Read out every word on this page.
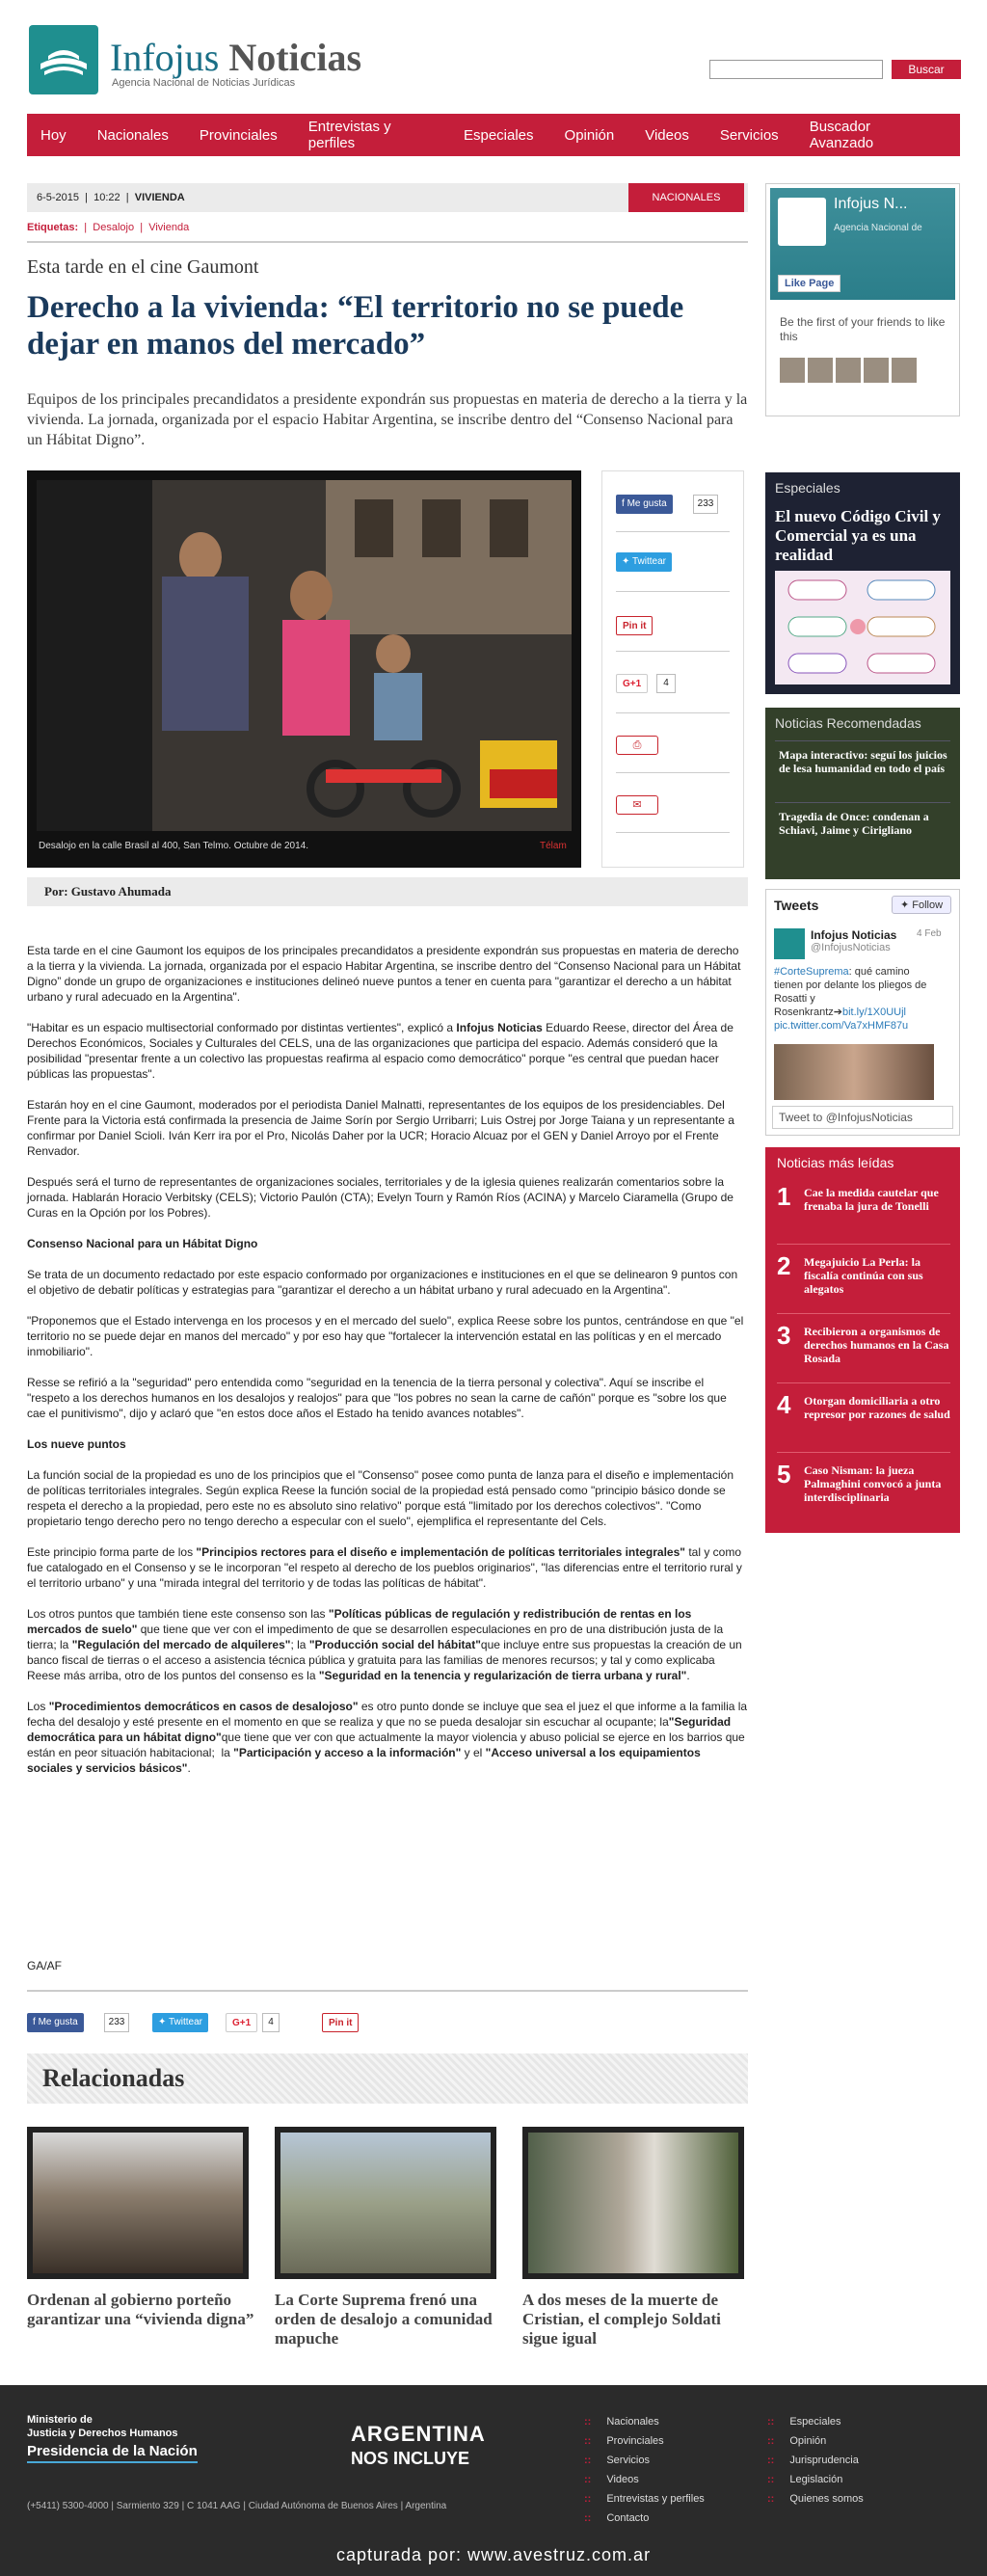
Infojus Noticias
Agencia Nacional de Noticias Jurídicas
Buscar
Hoy Nacionales Provinciales Entrevistas y perfiles	Especiales Opinión Videos Servicios Buscador Avanzado
6-5-2015  |  10:22  |  VIVIENDA	NACIONALES
Etiquetas:  |  Desalojo  |  Vivienda
Esta tarde en el cine Gaumont
Derecho a la vivienda: “El territorio no se puede dejar en manos del mercado”
Equipos de los principales precandidatos a presidente expondrán sus propuestas en materia de derecho a la tierra y la vivienda. La jornada, organizada por el espacio Habitar Argentina, se inscribe dentro del “Consenso Nacional para un Hábitat Digno”.
Desalojo en la calle Brasil al 400, San Telmo. Octubre de 2014.	Télam
f Me gusta	233
✦ Twittear
Pin it
G+1	4
⎙
✉
Por: Gustavo Ahumada

Esta tarde en el cine Gaumont los equipos de los principales precandidatos a presidente expondrán sus propuestas en materia de derecho a la tierra y la vivienda. La jornada, organizada por el espacio Habitar Argentina, se inscribe dentro del “Consenso Nacional para un Hábitat Digno” donde un grupo de organizaciones e instituciones delineó nueve puntos a tener en cuenta para "garantizar el derecho a un hábitat urbano y rural adecuado en la Argentina".

"Habitar es un espacio multisectorial conformado por distintas vertientes", explicó a Infojus Noticias Eduardo Reese, director del Área de Derechos Económicos, Sociales y Culturales del CELS, una de las organizaciones que participa del espacio. Además consideró que la posibilidad "presentar frente a un colectivo las propuestas reafirma al espacio como democrático" porque "es central que puedan hacer públicas las propuestas".

Estarán hoy en el cine Gaumont, moderados por el periodista Daniel Malnatti, representantes de los equipos de los presidenciables. Del Frente para la Victoria está confirmada la presencia de Jaime Sorín por Sergio Urribarri; Luis Ostrej por Jorge Taiana y un representante a confirmar por Daniel Scioli. Iván Kerr ira por el Pro, Nicolás Daher por la UCR; Horacio Alcuaz por el GEN y Daniel Arroyo por el Frente Renvador.

Después será el turno de representantes de organizaciones sociales, territoriales y de la iglesia quienes realizarán comentarios sobre la jornada. Hablarán Horacio Verbitsky (CELS); Victorio Paulón (CTA); Evelyn Tourn y Ramón Ríos (ACINA) y Marcelo Ciaramella (Grupo de Curas en la Opción por los Pobres).

Consenso Nacional para un Hábitat Digno

Se trata de un documento redactado por este espacio conformado por organizaciones e instituciones en el que se delinearon 9 puntos con el objetivo de debatir políticas y estrategias para "garantizar el derecho a un hábitat urbano y rural adecuado en la Argentina".

"Proponemos que el Estado intervenga en los procesos y en el mercado del suelo", explica Reese sobre los puntos, centrándose en que "el territorio no se puede dejar en manos del mercado" y por eso hay que "fortalecer la intervención estatal en las políticas y en el mercado inmobiliario".

Resse se refirió a la "seguridad" pero entendida como "seguridad en la tenencia de la tierra personal y colectiva". Aquí se inscribe el "respeto a los derechos humanos en los desalojos y realojos" para que "los pobres no sean la carne de cañón" porque es "sobre los que cae el punitivismo", dijo y aclaró que "en estos doce años el Estado ha tenido avances notables".

Los nueve puntos

La función social de la propiedad es uno de los principios que el "Consenso" posee como punta de lanza para el diseño e implementación de políticas territoriales integrales. Según explica Reese la función social de la propiedad está pensado como "principio básico donde se respeta el derecho a la propiedad, pero este no es absoluto sino relativo" porque está "limitado por los derechos colectivos". "Como propietario tengo derecho pero no tengo derecho a especular con el suelo", ejemplifica el representante del Cels.

Este principio forma parte de los "Principios rectores para el diseño e implementación de políticas territoriales integrales" tal y como fue catalogado en el Consenso y se le incorporan "el respeto al derecho de los pueblos originarios", "las diferencias entre el territorio rural y el territorio urbano" y una "mirada integral del territorio y de todas las políticas de hábitat".

Los otros puntos que también tiene este consenso son las "Políticas públicas de regulación y redistribución de rentas en los mercados de suelo" que tiene que ver con el impedimento de que se desarrollen especulaciones en pro de una distribución justa de la tierra; la "Regulación del mercado de alquileres"; la "Producción social del hábitat"que incluye entre sus propuestas la creación de un banco fiscal de tierras o el acceso a asistencia técnica pública y gratuita para las familias de menores recursos; y tal y como explicaba Reese más arriba, otro de los puntos del consenso es la "Seguridad en la tenencia y regularización de tierra urbana y rural".

Los "Procedimientos democráticos en casos de desalojoso" es otro punto donde se incluye que sea el juez el que informe a la familia la fecha del desalojo y esté presente en el momento en que se realiza y que no se pueda desalojar sin escuchar al ocupante; la"Seguridad democrática para un hábitat digno"que tiene que ver con que actualmente la mayor violencia y abuso policial se ejerce en los barrios que están en peor situación habitacional;  la "Participación y acceso a la información" y el "Acceso universal a los equipamientos sociales y servicios básicos".

GA/AF
f Me gusta	233	✦ Twittear	G+1	4	Pin it
Relacionadas
Ordenan al gobierno porteño garantizar una “vivienda digna”
La Corte Suprema frenó una orden de desalojo a comunidad mapuche
A dos meses de la muerte de Cristian, el complejo Soldati sigue igual
Infojus N...
Agencia Nacional de
Like Page
Be the first of your friends to like this
Especiales
El nuevo Código Civil y Comercial ya es una realidad
Noticias Recomendadas
Mapa interactivo: seguí los juicios de lesa humanidad en todo el país
Tragedia de Once: condenan a Schiavi, Jaime y Cirigliano
Tweets	✦ Follow
Infojus Noticias
@InfojusNoticias
4 Feb
#CorteSuprema: qué camino tienen por delante los pliegos de Rosatti y Rosenkrantz➔bit.ly/1X0UUjl
pic.twitter.com/Va7xHMF87u
Tweet to @InfojusNoticias
Noticias más leídas
1 Cae la medida cautelar que frenaba la jura de Tonelli
2 Megajuicio La Perla: la fiscalía continúa con sus alegatos
3 Recibieron a organismos de derechos humanos en la Casa Rosada
4 Otorgan domiciliaria a otro represor por razones de salud
5 Caso Nisman: la jueza Palmaghini convocó a junta interdisciplinaria
Ministerio de
Justicia y Derechos Humanos
Presidencia de la Nación
(+5411) 5300-4000 | Sarmiento 329 | C 1041 AAG | Ciudad Autónoma de Buenos Aires | Argentina
ARGENTINA
NOS INCLUYE
:: Nacionales
:: Provinciales
:: Servicios
:: Videos
:: Entrevistas y perfiles
:: Contacto
:: Especiales
:: Opinión
:: Jurisprudencia
:: Legislación
:: Quienes somos
capturada por: www.avestruz.com.ar
